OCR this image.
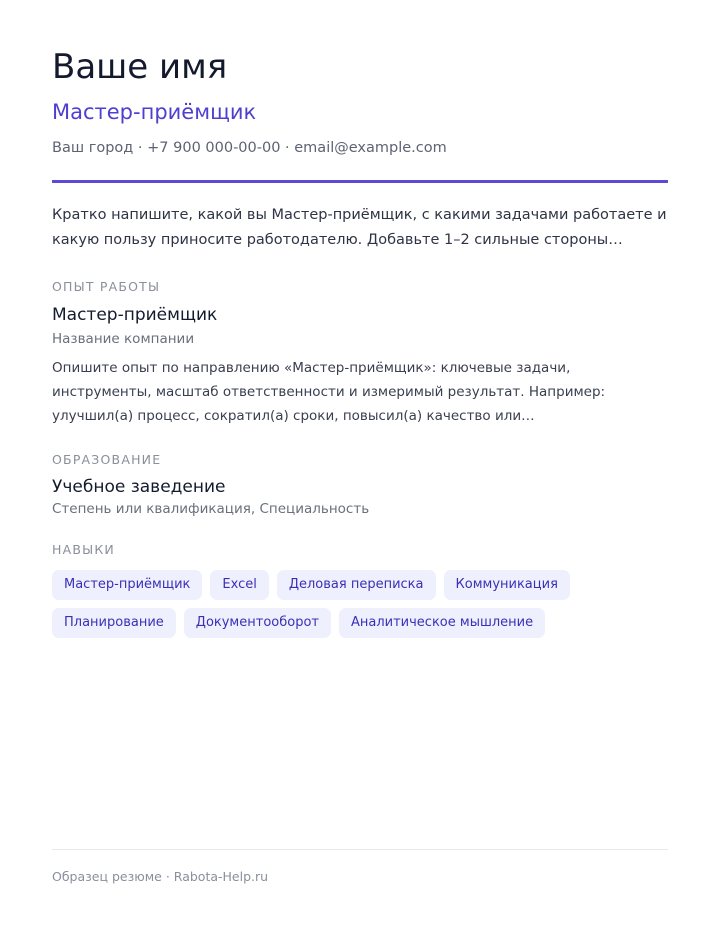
Ваше имя
Мастер-приёмщик
Ваш город · +7 900 000-00-00 · email@example.com
Кратко напишите, какой вы Мастер-приёмщик, с какими задачами работаете и какую пользу приносите работодателю. Добавьте 1–2 сильные стороны…
ОПЫТ РАБОТЫ
Мастер-приёмщик
Название компании
Опишите опыт по направлению «Мастер-приёмщик»: ключевые задачи, инструменты, масштаб ответственности и измеримый результат. Например: улучшил(а) процесс, сократил(а) сроки, повысил(а) качество или…
ОБРАЗОВАНИЕ
Учебное заведение
Степень или квалификация, Специальность
НАВЫКИ
Мастер-приёмщик	Excel	Деловая переписка	Коммуникация
Планирование	Документооборот	Аналитическое мышление
Образец резюме · Rabota-Help.ru
